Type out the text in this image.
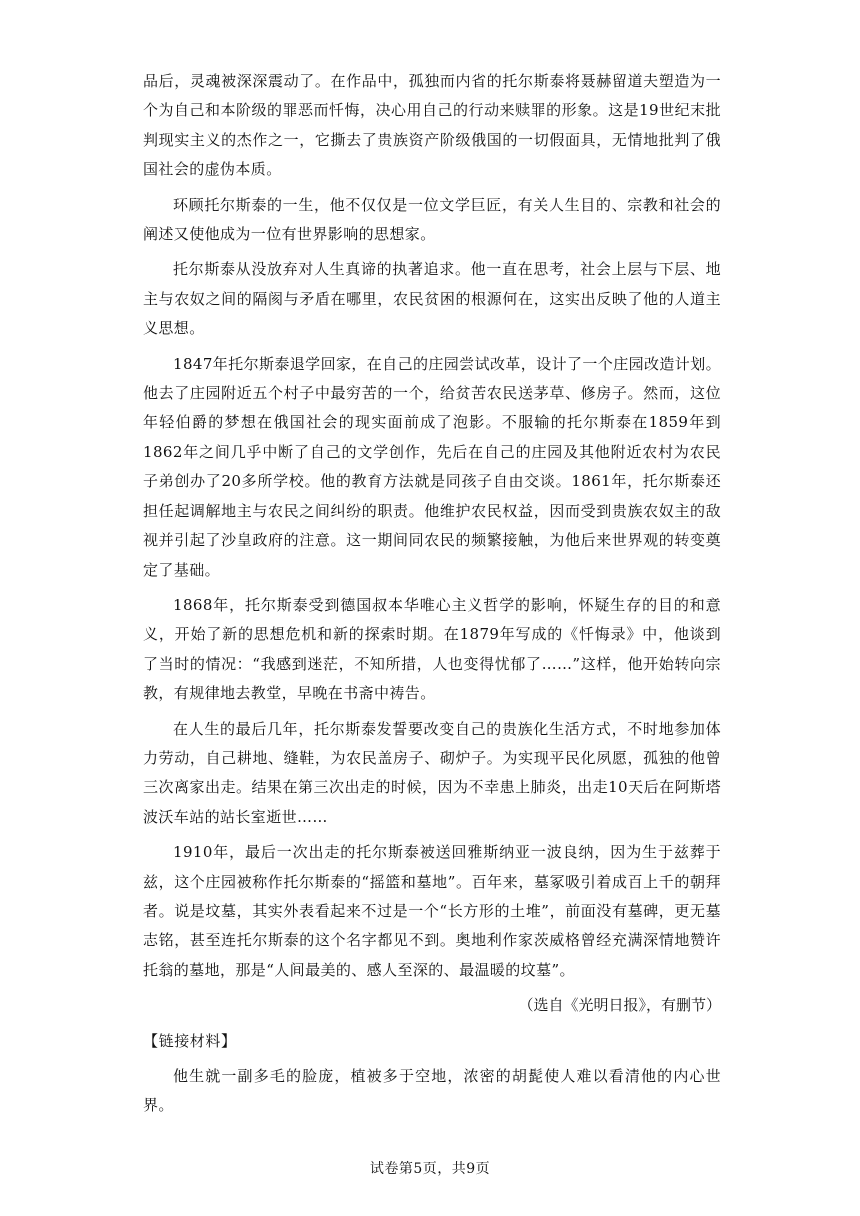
品后，灵魂被深深震动了。在作品中，孤独而内省的托尔斯泰将聂赫留道夫塑造为一个为自己和本阶级的罪恶而忏悔，决心用自己的行动来赎罪的形象。这是19世纪末批判现实主义的杰作之一，它撕去了贵族资产阶级俄国的一切假面具，无情地批判了俄国社会的虚伪本质。

环顾托尔斯泰的一生，他不仅仅是一位文学巨匠，有关人生目的、宗教和社会的阐述又使他成为一位有世界影响的思想家。

托尔斯泰从没放弃对人生真谛的执著追求。他一直在思考，社会上层与下层、地主与农奴之间的隔阂与矛盾在哪里，农民贫困的根源何在，这实出反映了他的人道主义思想。

1847年托尔斯泰退学回家，在自己的庄园尝试改革，设计了一个庄园改造计划。他去了庄园附近五个村子中最穷苦的一个，给贫苦农民送茅草、修房子。然而，这位年轻伯爵的梦想在俄国社会的现实面前成了泡影。不服输的托尔斯泰在1859年到1862年之间几乎中断了自己的文学创作，先后在自己的庄园及其他附近农村为农民子弟创办了20多所学校。他的教育方法就是同孩子自由交谈。1861年，托尔斯泰还担任起调解地主与农民之间纠纷的职责。他维护农民权益，因而受到贵族农奴主的敌视并引起了沙皇政府的注意。这一期间同农民的频繁接触，为他后来世界观的转变奠定了基础。

1868年，托尔斯泰受到德国叔本华唯心主义哲学的影响，怀疑生存的目的和意义，开始了新的思想危机和新的探索时期。在1879年写成的《忏悔录》中，他谈到了当时的情况：“我感到迷茫，不知所措，人也变得忧郁了……”这样，他开始转向宗教，有规律地去教堂，早晚在书斋中祷告。

在人生的最后几年，托尔斯泰发誓要改变自己的贵族化生活方式，不时地参加体力劳动，自己耕地、缝鞋，为农民盖房子、砌炉子。为实现平民化夙愿，孤独的他曾三次离家出走。结果在第三次出走的时候，因为不幸患上肺炎，出走10天后在阿斯塔波沃车站的站长室逝世……

1910年，最后一次出走的托尔斯泰被送回雅斯纳亚一波良纳，因为生于兹葬于兹，这个庄园被称作托尔斯泰的“摇篮和墓地”。百年来，墓冢吸引着成百上千的朝拜者。说是坟墓，其实外表看起来不过是一个“长方形的土堆”，前面没有墓碑，更无墓志铭，甚至连托尔斯泰的这个名字都见不到。奥地利作家茨威格曾经充满深情地赞许托翁的墓地，那是“人间最美的、感人至深的、最温暖的坟墓”。

（选自《光明日报》，有删节）

【链接材料】

他生就一副多毛的脸庞，植被多于空地，浓密的胡髭使人难以看清他的内心世界。

试卷第5页，共9页
